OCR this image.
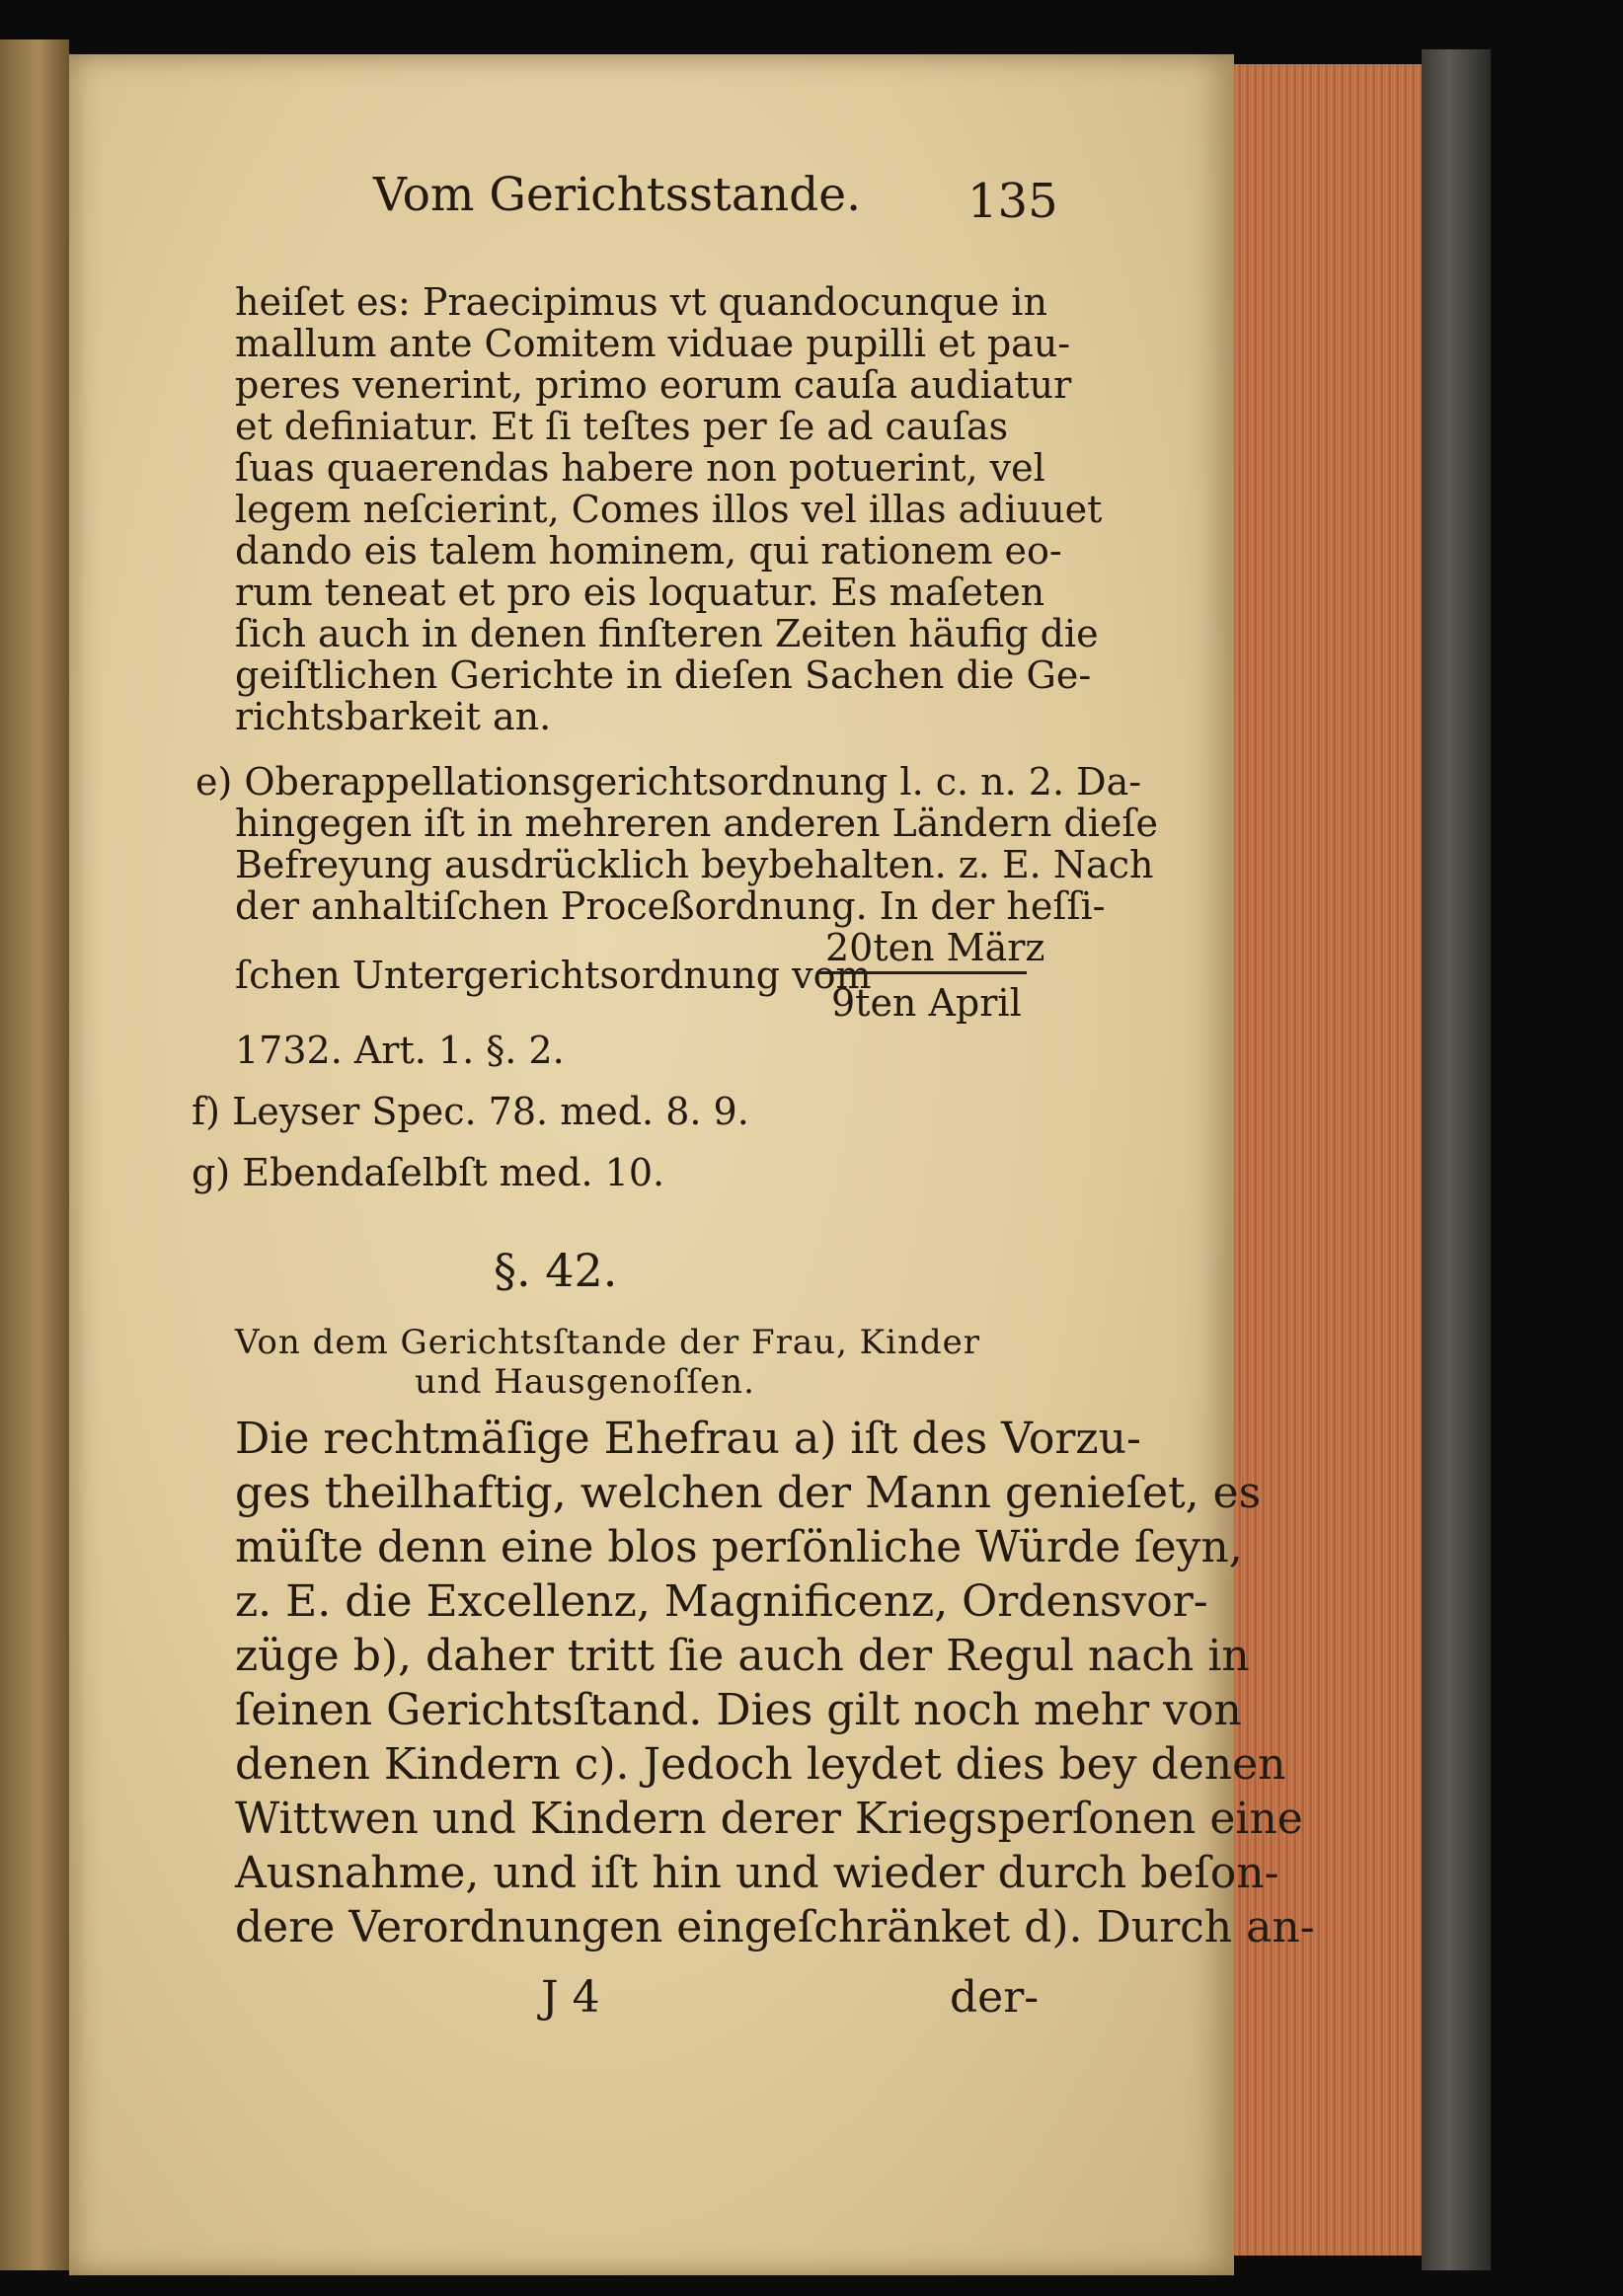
Vom Gerichtsstande. 135
heiſet es: Praecipimus vt quandocunque in
mallum ante Comitem viduae pupilli et pau-
peres venerint, primo eorum cauſa audiatur
et definiatur. Et ſi teſtes per ſe ad cauſas
ſuas quaerendas habere non potuerint, vel
legem neſcierint, Comes illos vel illas adiuuet
dando eis talem hominem, qui rationem eo-
rum teneat et pro eis loquatur. Es maſeten
ſich auch in denen finſteren Zeiten häufig die
geiſtlichen Gerichte in dieſen Sachen die Ge-
richtsbarkeit an.
e) Oberappellationsgerichtsordnung l. c. n. 2. Da-
hingegen iſt in mehreren anderen Ländern dieſe
Befreyung ausdrücklich beybehalten. z. E. Nach
der anhaltiſchen Proceßordnung. In der heſſi-
20ten März
ſchen Untergerichtsordnung vom
9ten April
1732. Art. 1. §. 2.
f) Leyser Spec. 78. med. 8. 9.
g) Ebendaſelbſt med. 10.
§. 42.
Von dem Gerichtsſtande der Frau, Kinder
und Hausgenoſſen.
Die rechtmäſige Ehefrau a) iſt des Vorzu-
ges theilhaftig, welchen der Mann genieſet, es
müſte denn eine blos perſönliche Würde ſeyn,
z. E. die Excellenz, Magnificenz, Ordensvor-
züge b), daher tritt ſie auch der Regul nach in
ſeinen Gerichtsſtand. Dies gilt noch mehr von
denen Kindern c). Jedoch leydet dies bey denen
Wittwen und Kindern derer Kriegsperſonen eine
Ausnahme, und iſt hin und wieder durch beſon-
dere Verordnungen eingeſchränket d). Durch an-
J 4	der-
